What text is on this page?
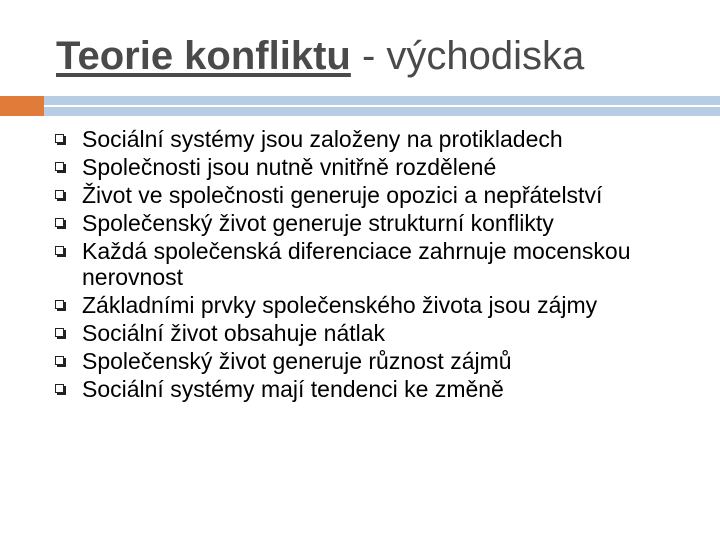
Teorie konfliktu - východiska
Sociální systémy jsou založeny na protikladech
Společnosti jsou nutně vnitřně rozdělené
Život ve společnosti generuje opozici a nepřátelství
Společenský život generuje strukturní konflikty
Každá společenská diferenciace zahrnuje mocenskou nerovnost
Základními prvky společenského života jsou zájmy
Sociální život obsahuje nátlak
Společenský život generuje různost zájmů
Sociální systémy mají tendenci ke změně
